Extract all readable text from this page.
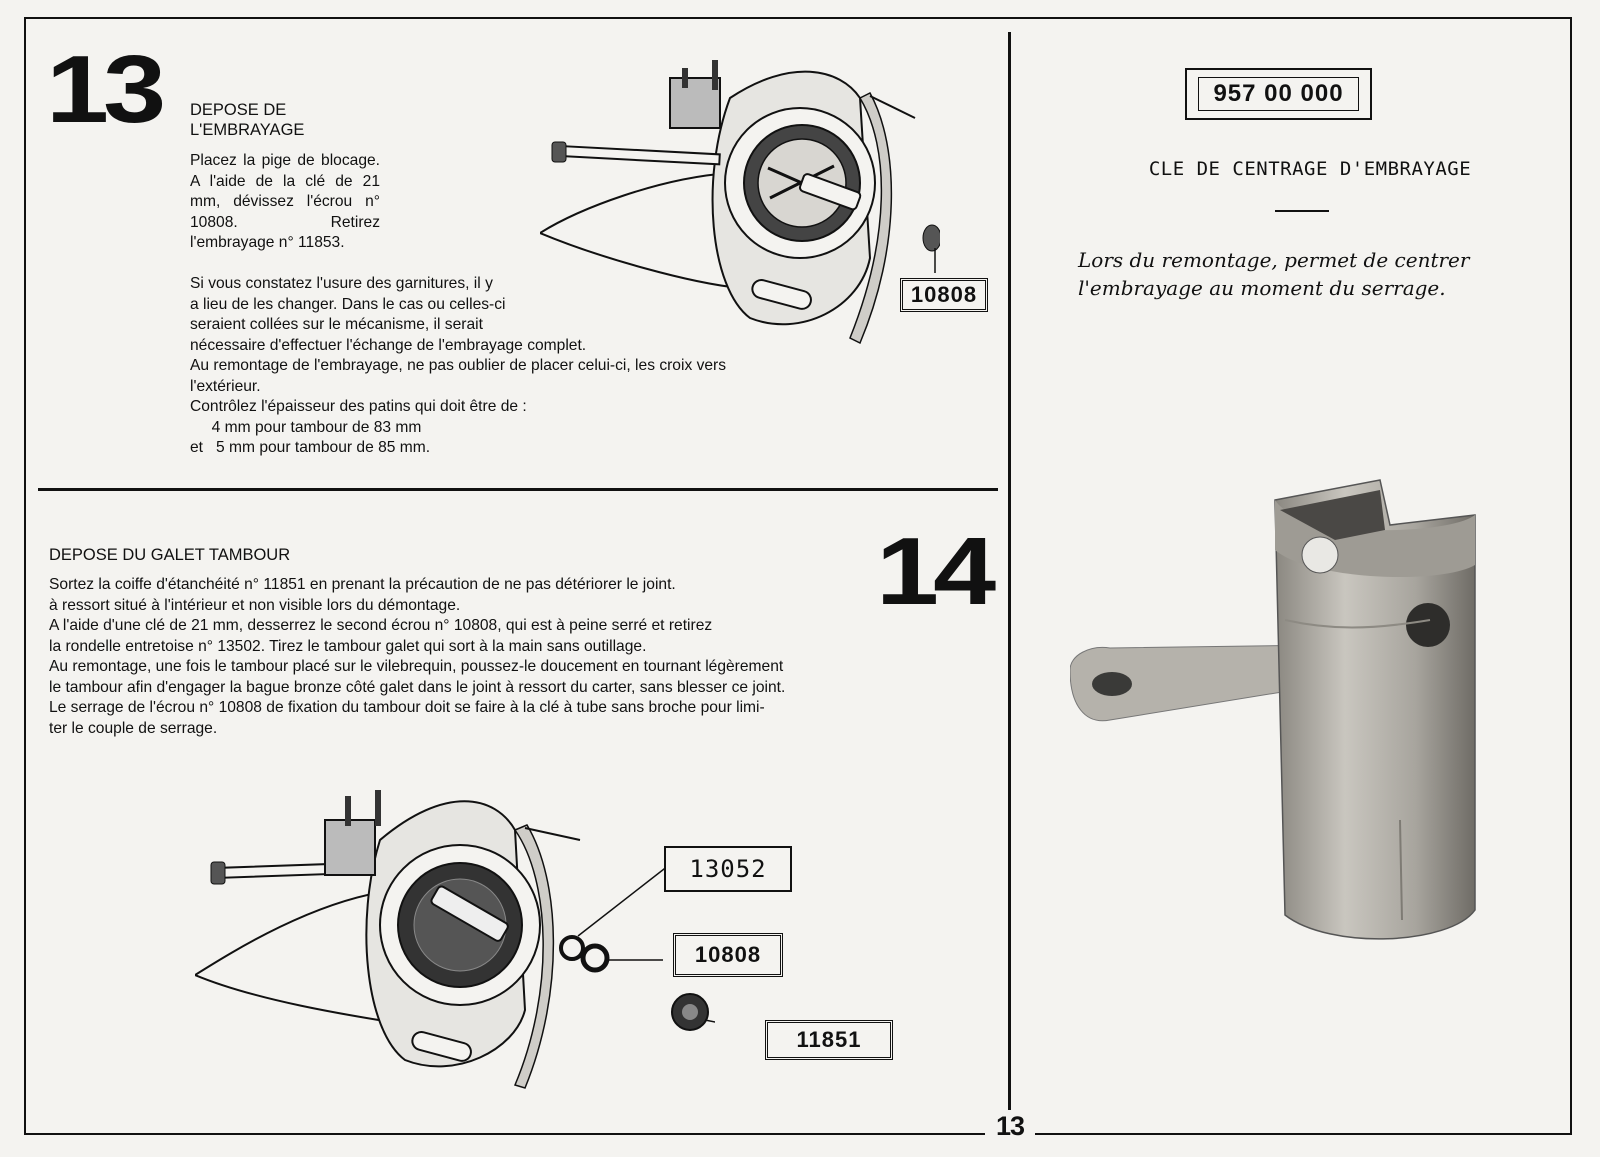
13 DEPOSE DE
L'EMBRAYAGE
Placez la pige de blocage. A l'aide de la clé de 21 mm, dévissez l'écrou n° 10808. Retirez l'embrayage n° 11853.
Si vous constatez l'usure des garnitures, il y
a lieu de les changer. Dans le cas ou celles-ci
seraient collées sur le mécanisme, il serait
nécessaire d'effectuer l'échange de l'embrayage complet.
Au remontage de l'embrayage, ne pas oublier de placer celui-ci, les croix vers
l'extérieur.
Contrôlez l'épaisseur des patins qui doit être de :
4 mm pour tambour de 83 mm
et   5 mm pour tambour de 85 mm.
10808
14
DEPOSE DU GALET TAMBOUR
Sortez la coiffe d'étanchéité n° 11851 en prenant la précaution de ne pas détériorer le joint.
à ressort situé à l'intérieur et non visible lors du démontage.
A l'aide d'une clé de 21 mm, desserrez le second écrou n° 10808, qui est à peine serré et retirez
la rondelle entretoise n° 13502. Tirez le tambour galet qui sort à la main sans outillage.
Au remontage, une fois le tambour placé sur le vilebrequin, poussez-le doucement en tournant légèrement
le tambour afin d'engager la bague bronze côté galet dans le joint à ressort du carter, sans blesser ce joint.
Le serrage de l'écrou n° 10808 de fixation du tambour doit se faire à la clé à tube sans broche pour limi-
ter le couple de serrage.
13052
10808
11851
957 00 000
CLE DE CENTRAGE D'EMBRAYAGE
Lors du remontage, permet de centrer
l'embrayage au moment du serrage.
13
